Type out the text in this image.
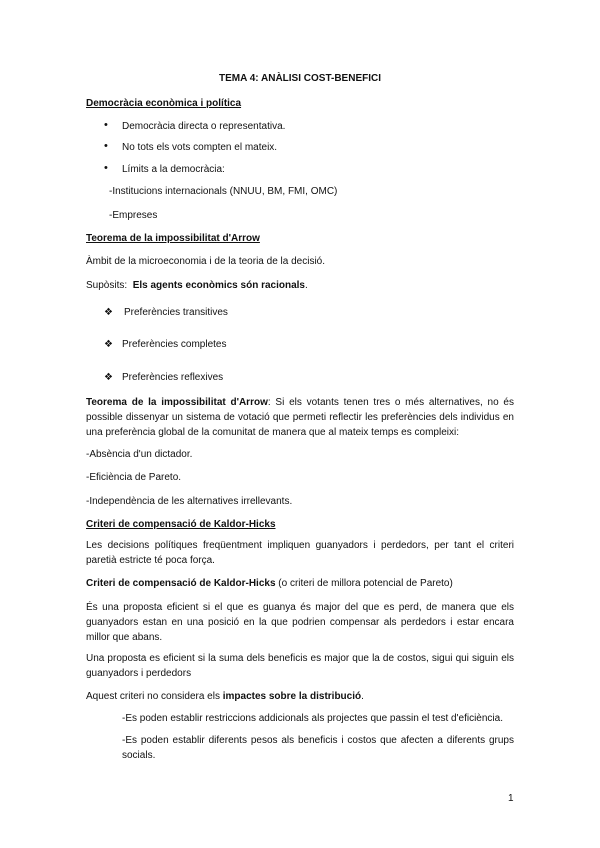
TEMA 4: ANÀLISI COST-BENEFICI
Democràcia econòmica i política
• Democràcia directa o representativa.
• No tots els vots compten el mateix.
• Límits a la democràcia:
-Institucions internacionals (NNUU, BM, FMI, OMC)
-Empreses
Teorema de la impossibilitat d'Arrow
Àmbit de la microeconomia i de la teoria de la decisió.
Supòsits: Els agents econòmics són racionals.
❖ Preferències transitives
❖ Preferències completes
❖ Preferències reflexives
Teorema de la impossibilitat d'Arrow: Si els votants tenen tres o més alternatives, no és possible dissenyar un sistema de votació que permeti reflectir les preferències dels individus en una preferència global de la comunitat de manera que al mateix temps es compleixi:
-Absència d'un dictador.
-Eficiència de Pareto.
-Independència de les alternatives irrellevants.
Criteri de compensació de Kaldor-Hicks
Les decisions polítiques freqüentment impliquen guanyadors i perdedors, per tant el criteri paretià estricte té poca força.
Criteri de compensació de Kaldor-Hicks (o criteri de millora potencial de Pareto)
És una proposta eficient si el que es guanya és major del que es perd, de manera que els guanyadors estan en una posició en la que podrien compensar als perdedors i estar encara millor que abans.
Una proposta es eficient si la suma dels beneficis es major que la de costos, sigui qui siguin els guanyadors i perdedors
Aquest criteri no considera els impactes sobre la distribució.
-Es poden establir restriccions addicionals als projectes que passin el test d'eficiència.
-Es poden establir diferents pesos als beneficis i costos que afecten a diferents grups socials.
1
